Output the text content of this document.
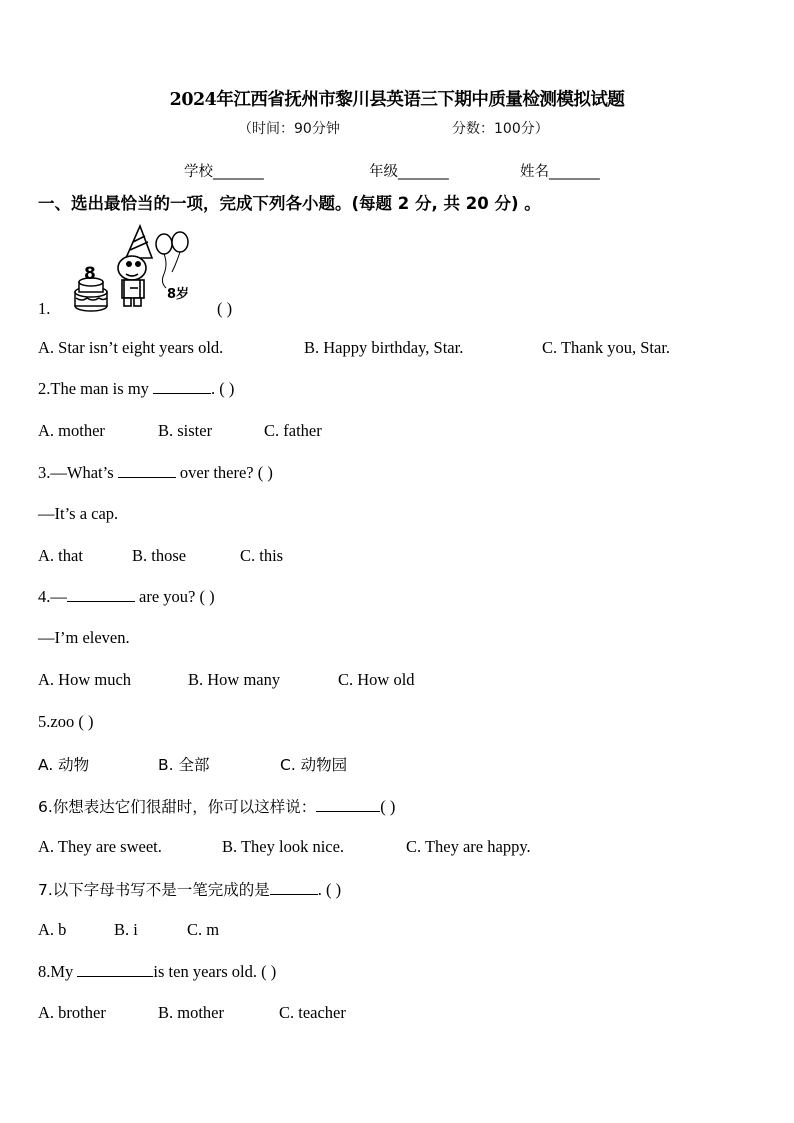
2024年江西省抚州市黎川县英语三下期中质量检测模拟试题
（时间：90分钟	分数：100分）
学校_______	年级_______	姓名_______
一、选出最恰当的一项，完成下列各小题。(每题 2 分, 共 20 分) 。
8
8岁
1.	( )
A. Star isn’t eight years old.	B. Happy birthday, Star.	C. Thank you, Star.
2.The man is my	. ( )
A. mother	B. sister	C. father
3.—What’s	over there? ( )
—It’s a cap.
A. that	B. those	C. this
4.—	are you? ( )
—I’m eleven.
A. How much	B. How many	C. How old
5.zoo ( )
A. 动物	B. 全部	C. 动物园
6.你想表达它们很甜时，你可以这样说：	( )
A. They are sweet.	B. They look nice.	C. They are happy.
7.以下字母书写不是一笔完成的是	. ( )
A. b	B. i	C. m
8.My	is ten years old. ( )
A. brother	B. mother	C. teacher
